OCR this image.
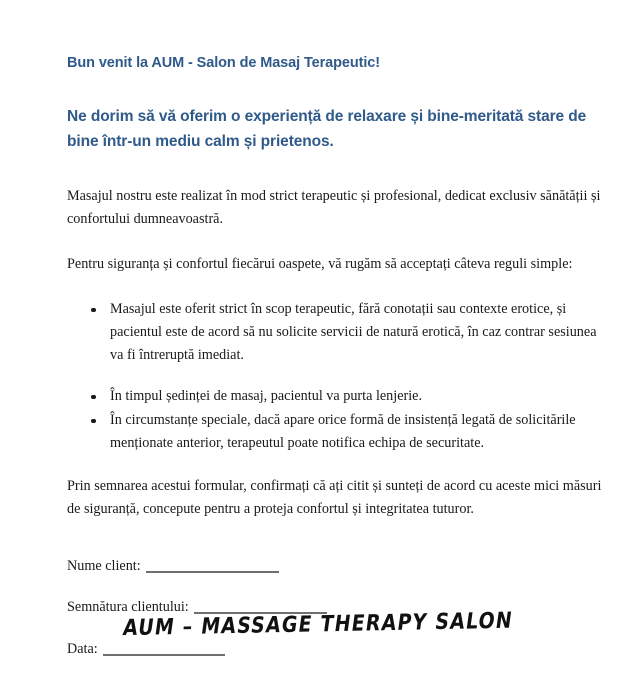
Bun venit la AUM - Salon de Masaj Terapeutic!
Ne dorim să vă oferim o experiență de relaxare și bine-meritată stare de bine într-un mediu calm și prietenos.

Masajul nostru este realizat în mod strict terapeutic și profesional, dedicat exclusiv sănătății și confortului dumneavoastră.

Pentru siguranța și confortul fiecărui oaspete, vă rugăm să acceptați câteva reguli simple:

Masajul este oferit strict în scop terapeutic, fără conotații sau contexte erotice, și pacientul este de acord să nu solicite servicii de natură erotică, în caz contrar sesiunea va fi întreruptă imediat.
În timpul ședinței de masaj, pacientul va purta lenjerie.
În circumstanțe speciale, dacă apare orice formă de insistență legată de solicitările menționate anterior, terapeutul poate notifica echipa de securitate.

Prin semnarea acestui formular, confirmați că ați citit și sunteți de acord cu aceste mici măsuri de siguranță, concepute pentru a proteja confortul și integritatea tuturor.

Nume client:
Semnătura clientului:
Data:
AUM – MASSAGE THERAPY SALON
